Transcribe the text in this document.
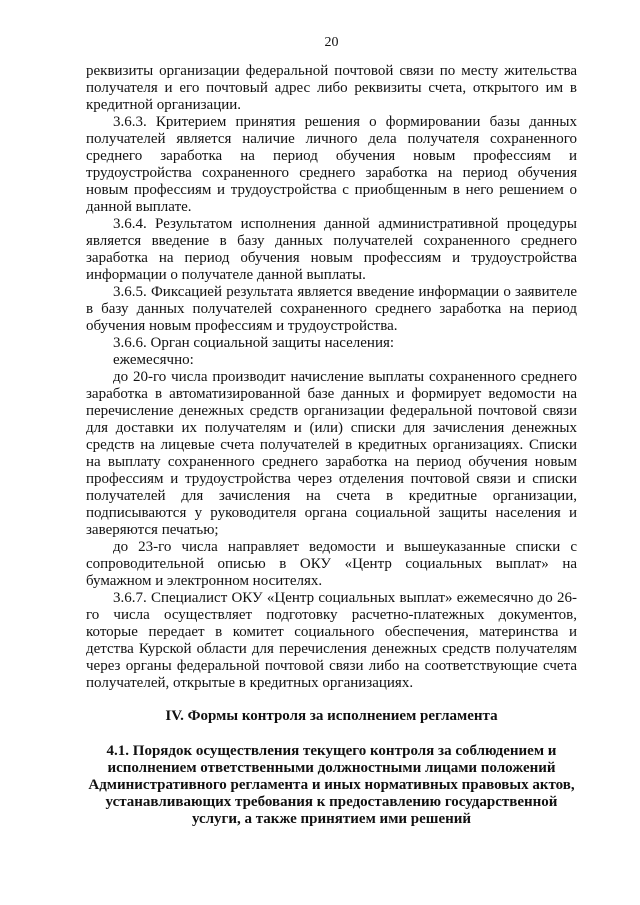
20

реквизиты организации федеральной почтовой связи по месту жительства получателя и его почтовый адрес либо реквизиты счета, открытого им в кредитной организации.

3.6.3. Критерием принятия решения о формировании базы данных получателей является наличие личного дела получателя сохраненного среднего заработка на период обучения новым профессиям и трудоустройства сохраненного среднего заработка на период обучения новым профессиям и трудоустройства с приобщенным в него решением о данной выплате.

3.6.4. Результатом исполнения данной административной процедуры является введение в базу данных получателей сохраненного среднего заработка на период обучения новым профессиям и трудоустройства информации о получателе данной выплаты.

3.6.5. Фиксацией результата является введение информации о заявителе в базу данных получателей сохраненного среднего заработка на период обучения новым профессиям и трудоустройства.

3.6.6. Орган социальной защиты населения:

ежемесячно:

до 20-го числа производит начисление выплаты сохраненного среднего заработка в автоматизированной базе данных и формирует ведомости на перечисление денежных средств организации федеральной почтовой связи для доставки их получателям и (или) списки для зачисления денежных средств на лицевые счета получателей в кредитных организациях. Списки на выплату сохраненного среднего заработка на период обучения новым профессиям и трудоустройства через отделения почтовой связи и списки получателей для зачисления на счета в кредитные организации, подписываются у руководителя органа социальной защиты населения и заверяются печатью;

до 23-го числа направляет ведомости и вышеуказанные списки с сопроводительной описью в ОКУ «Центр социальных выплат» на бумажном и электронном носителях.

3.6.7. Специалист ОКУ «Центр социальных выплат» ежемесячно до 26-го числа осуществляет подготовку расчетно-платежных документов, которые передает в комитет социального обеспечения, материнства и детства Курской области для перечисления денежных средств получателям через органы федеральной почтовой связи либо на соответствующие счета получателей, открытые в кредитных организациях.

IV. Формы контроля за исполнением регламента
4.1. Порядок осуществления текущего контроля за соблюдением и исполнением ответственными должностными лицами положений Административного регламента и иных нормативных правовых актов, устанавливающих требования к предоставлению государственной услуги, а также принятием ими решений
